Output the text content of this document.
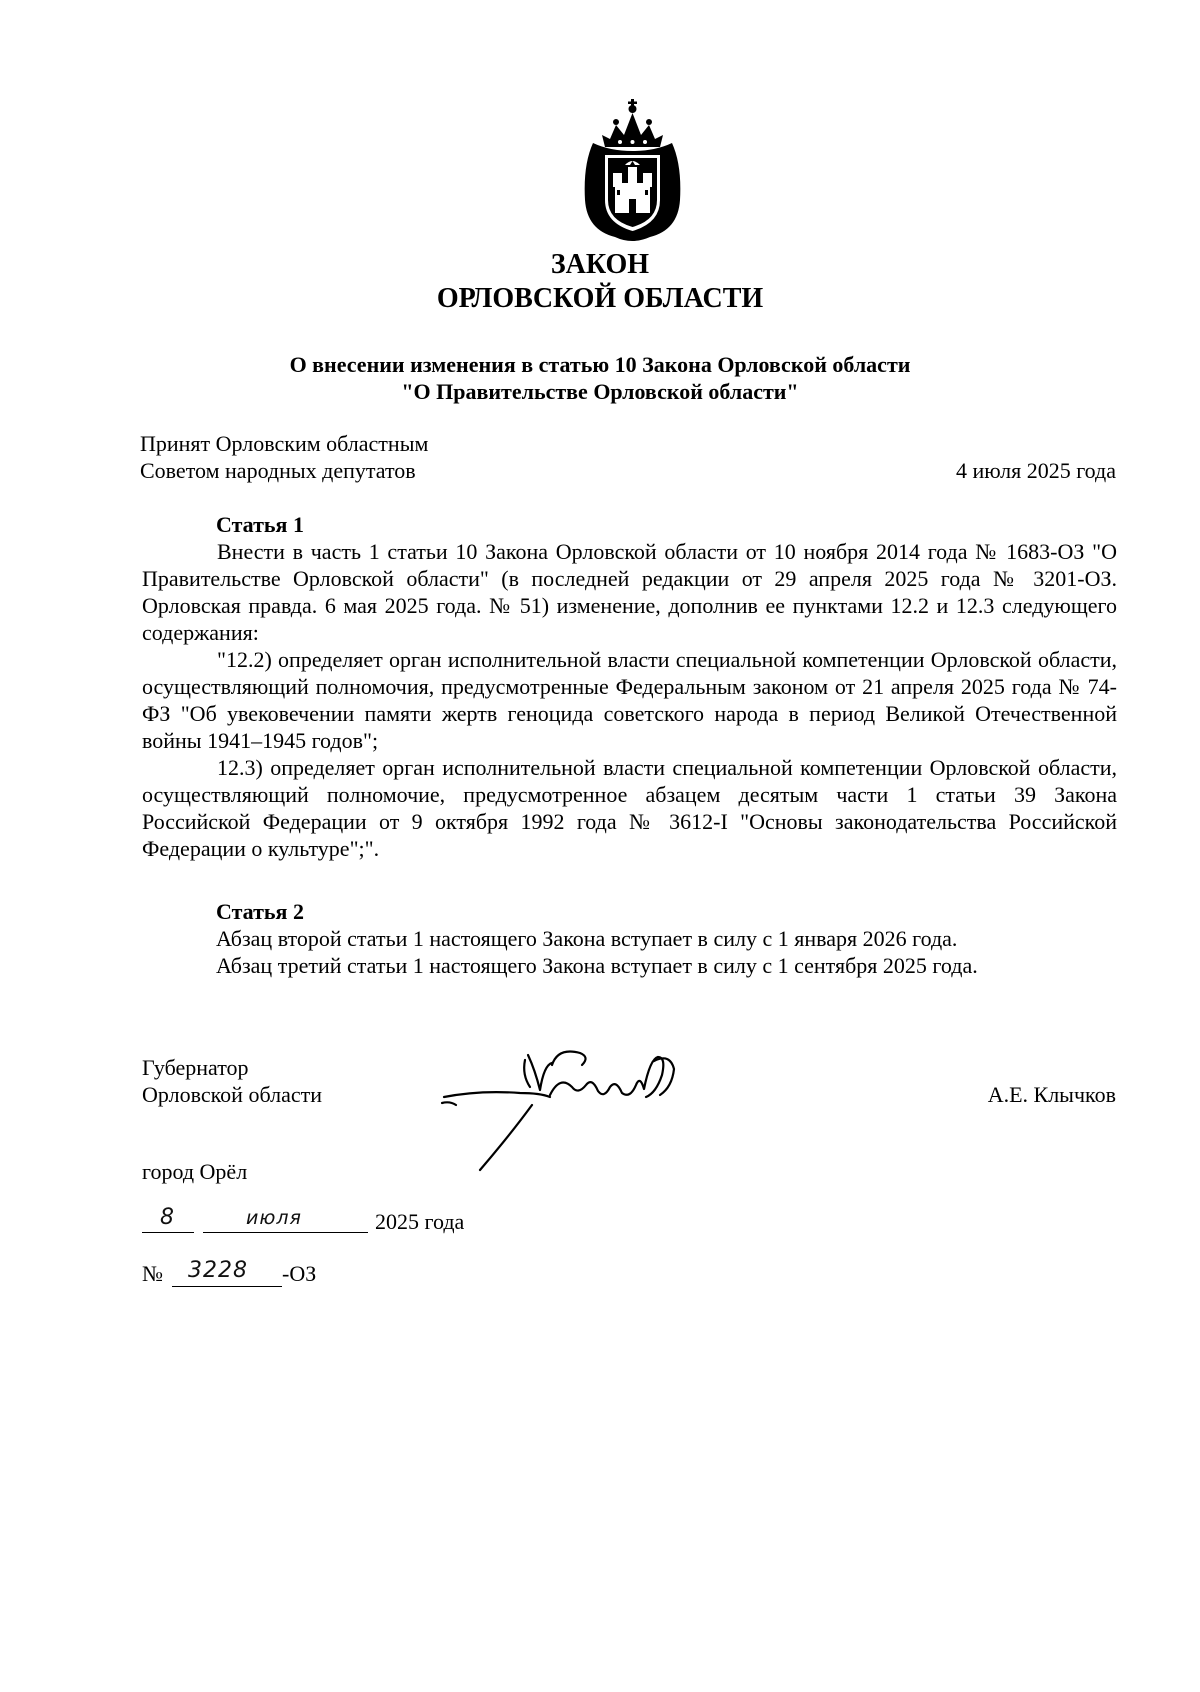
ЗАКОН
ОРЛОВСКОЙ ОБЛАСТИ
О внесении изменения в статью 10 Закона Орловской области
"О Правительстве Орловской области"
Принят Орловским областным
Советом народных депутатов	4 июля 2025 года
Статья 1

Внести в часть 1 статьи 10 Закона Орловской области от 10 ноября 2014 года № 1683-ОЗ "О Правительстве Орловской области" (в последней редакции от 29 апреля 2025 года № 3201-ОЗ. Орловская правда. 6 мая 2025 года. № 51) изменение, дополнив ее пунктами 12.2 и 12.3 следующего содержания:

"12.2) определяет орган исполнительной власти специальной компетенции Орловской области, осуществляющий полномочия, предусмотренные Федеральным законом от 21 апреля 2025 года № 74-ФЗ "Об увековечении памяти жертв геноцида советского народа в период Великой Отечественной войны 1941–1945 годов";

12.3) определяет орган исполнительной власти специальной компетенции Орловской области, осуществляющий полномочие, предусмотренное абзацем десятым части 1 статьи 39 Закона Российской Федерации от 9 октября 1992 года № 3612-I "Основы законодательства Российской Федерации о культуре";".

Статья 2
Абзац второй статьи 1 настоящего Закона вступает в силу с 1 января 2026 года.
Абзац третий статьи 1 настоящего Закона вступает в силу с 1 сентября 2025 года.
Губернатор
Орловской области	А.Е. Клычков
город Орёл
8	июля	2025 года
№ 3228 -ОЗ
